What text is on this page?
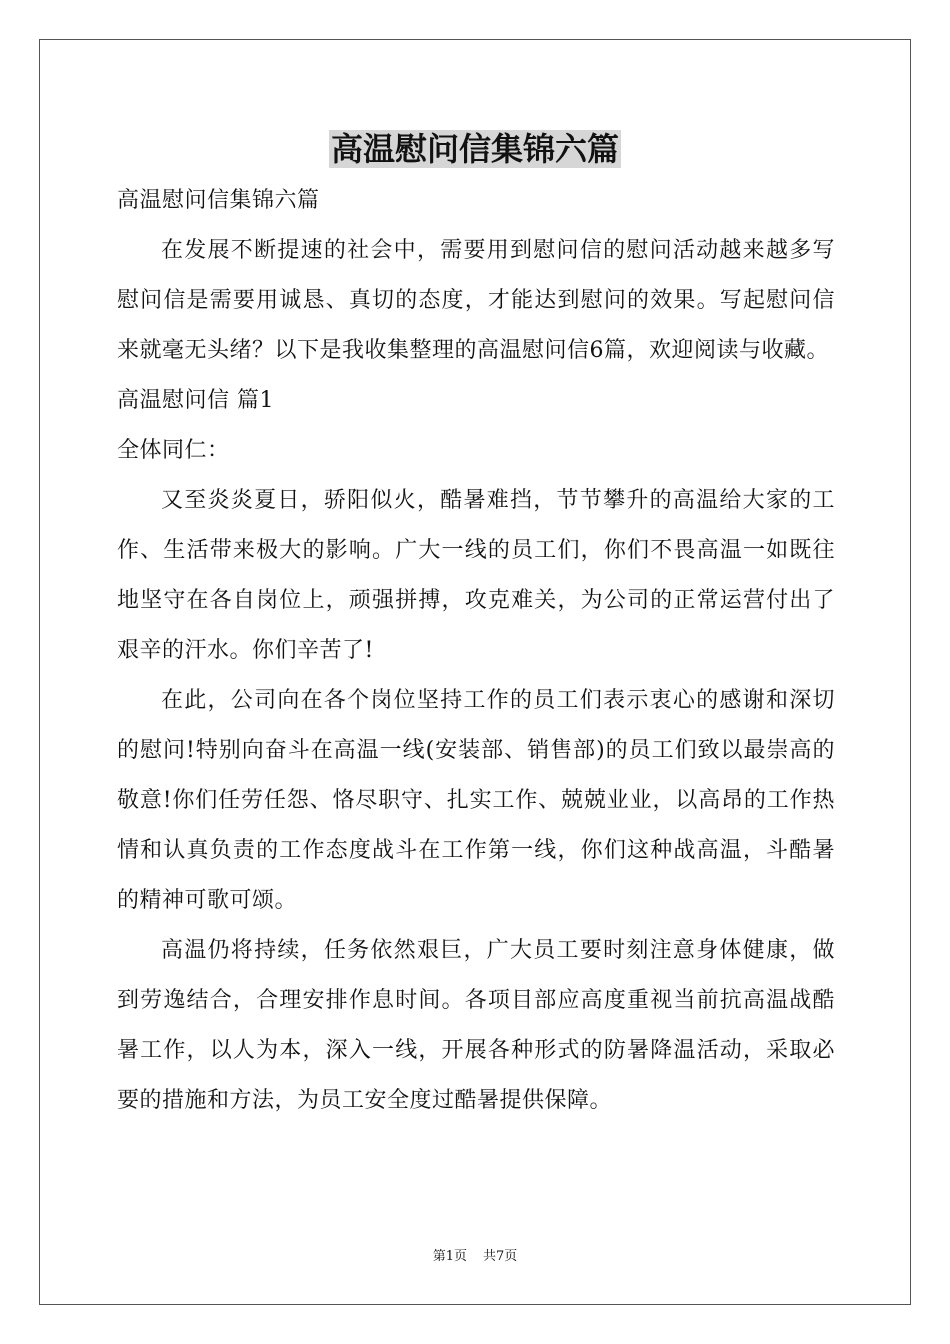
高温慰问信集锦六篇

高温慰问信集锦六篇

在发展不断提速的社会中，需要用到慰问信的慰问活动越来越多写慰问信是需要用诚恳、真切的态度，才能达到慰问的效果。写起慰问信来就毫无头绪？以下是我收集整理的高温慰问信6篇，欢迎阅读与收藏。

高温慰问信 篇1

全体同仁：

又至炎炎夏日，骄阳似火，酷暑难挡，节节攀升的高温给大家的工作、生活带来极大的影响。广大一线的员工们，你们不畏高温一如既往地坚守在各自岗位上，顽强拼搏，攻克难关，为公司的正常运营付出了艰辛的汗水。你们辛苦了!

在此，公司向在各个岗位坚持工作的员工们表示衷心的感谢和深切的慰问!特别向奋斗在高温一线(安装部、销售部)的员工们致以最崇高的敬意!你们任劳任怨、恪尽职守、扎实工作、兢兢业业，以高昂的工作热情和认真负责的工作态度战斗在工作第一线，你们这种战高温，斗酷暑的精神可歌可颂。

高温仍将持续，任务依然艰巨，广大员工要时刻注意身体健康，做到劳逸结合，合理安排作息时间。各项目部应高度重视当前抗高温战酷暑工作，以人为本，深入一线，开展各种形式的防暑降温活动，采取必要的措施和方法，为员工安全度过酷暑提供保障。

第1页 共7页
